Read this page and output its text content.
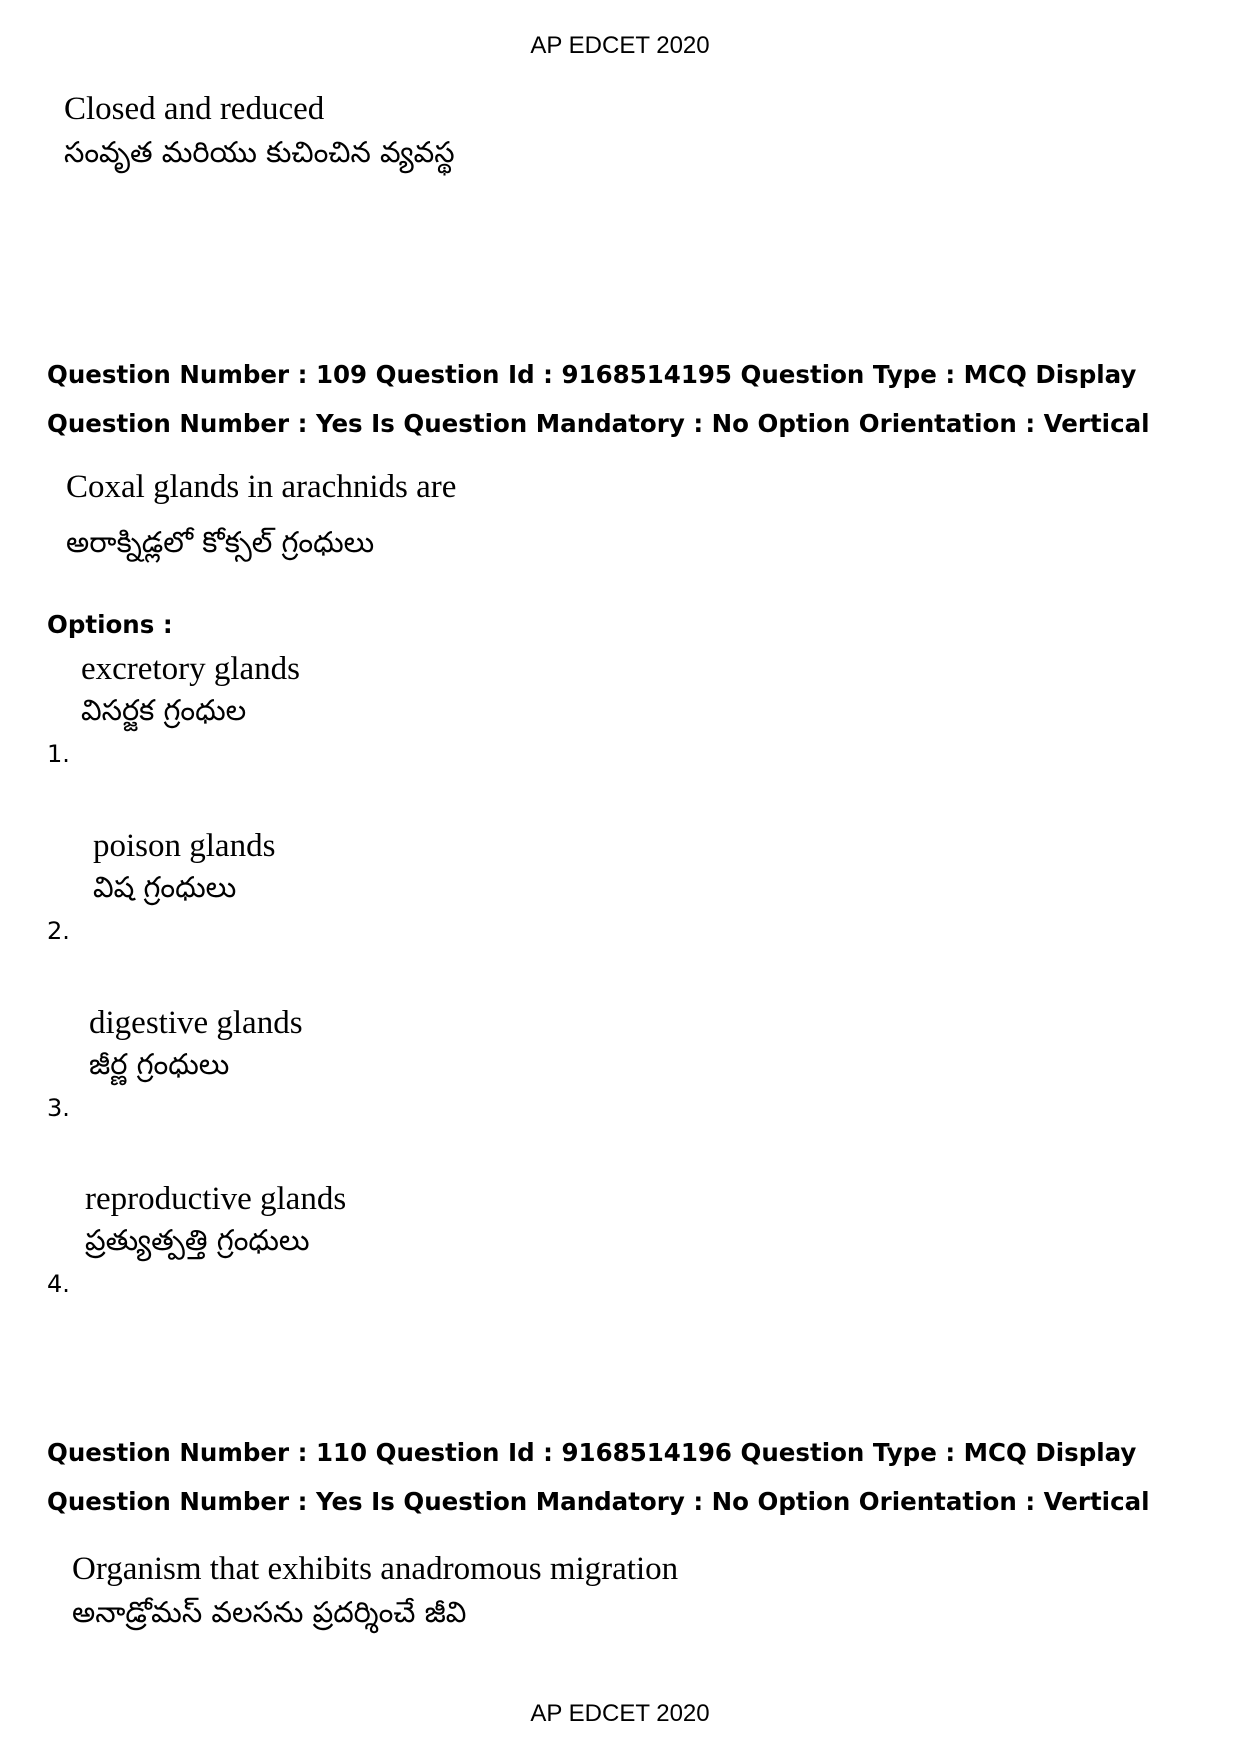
AP EDCET 2020
Closed and reduced
సంవృత మరియు కుచించిన వ్యవస్థ
Question Number : 109 Question Id : 9168514195 Question Type : MCQ Display Question Number : Yes Is Question Mandatory : No Option Orientation : Vertical
Coxal glands in arachnids are
అరాక్నిడ్లలో కోక్సల్ గ్రంధులు
Options :
excretory glands
విసర్జక గ్రంధుల
1.
poison glands
విష గ్రంధులు
2.
digestive glands
జీర్ణ గ్రంధులు
3.
reproductive glands
ప్రత్యుత్పత్తి గ్రంధులు
4.
Question Number : 110 Question Id : 9168514196 Question Type : MCQ Display Question Number : Yes Is Question Mandatory : No Option Orientation : Vertical
Organism that exhibits anadromous migration
అనాడ్రోమస్ వలసను ప్రదర్శించే జీవి
AP EDCET 2020
